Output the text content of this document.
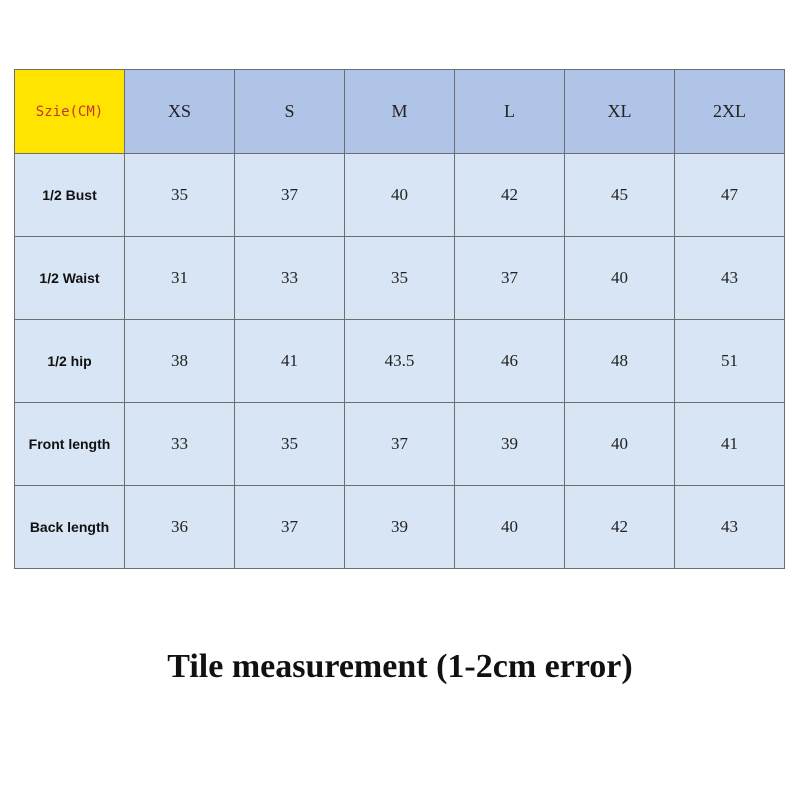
Szie(CM)	XS	S	M	L	XL	2XL
1/2 Bust	35	37	40	42	45	47
1/2 Waist	31	33	35	37	40	43
1/2 hip	38	41	43.5	46	48	51
Front length	33	35	37	39	40	41
Back length	36	37	39	40	42	43
Tile measurement (1-2cm error)
